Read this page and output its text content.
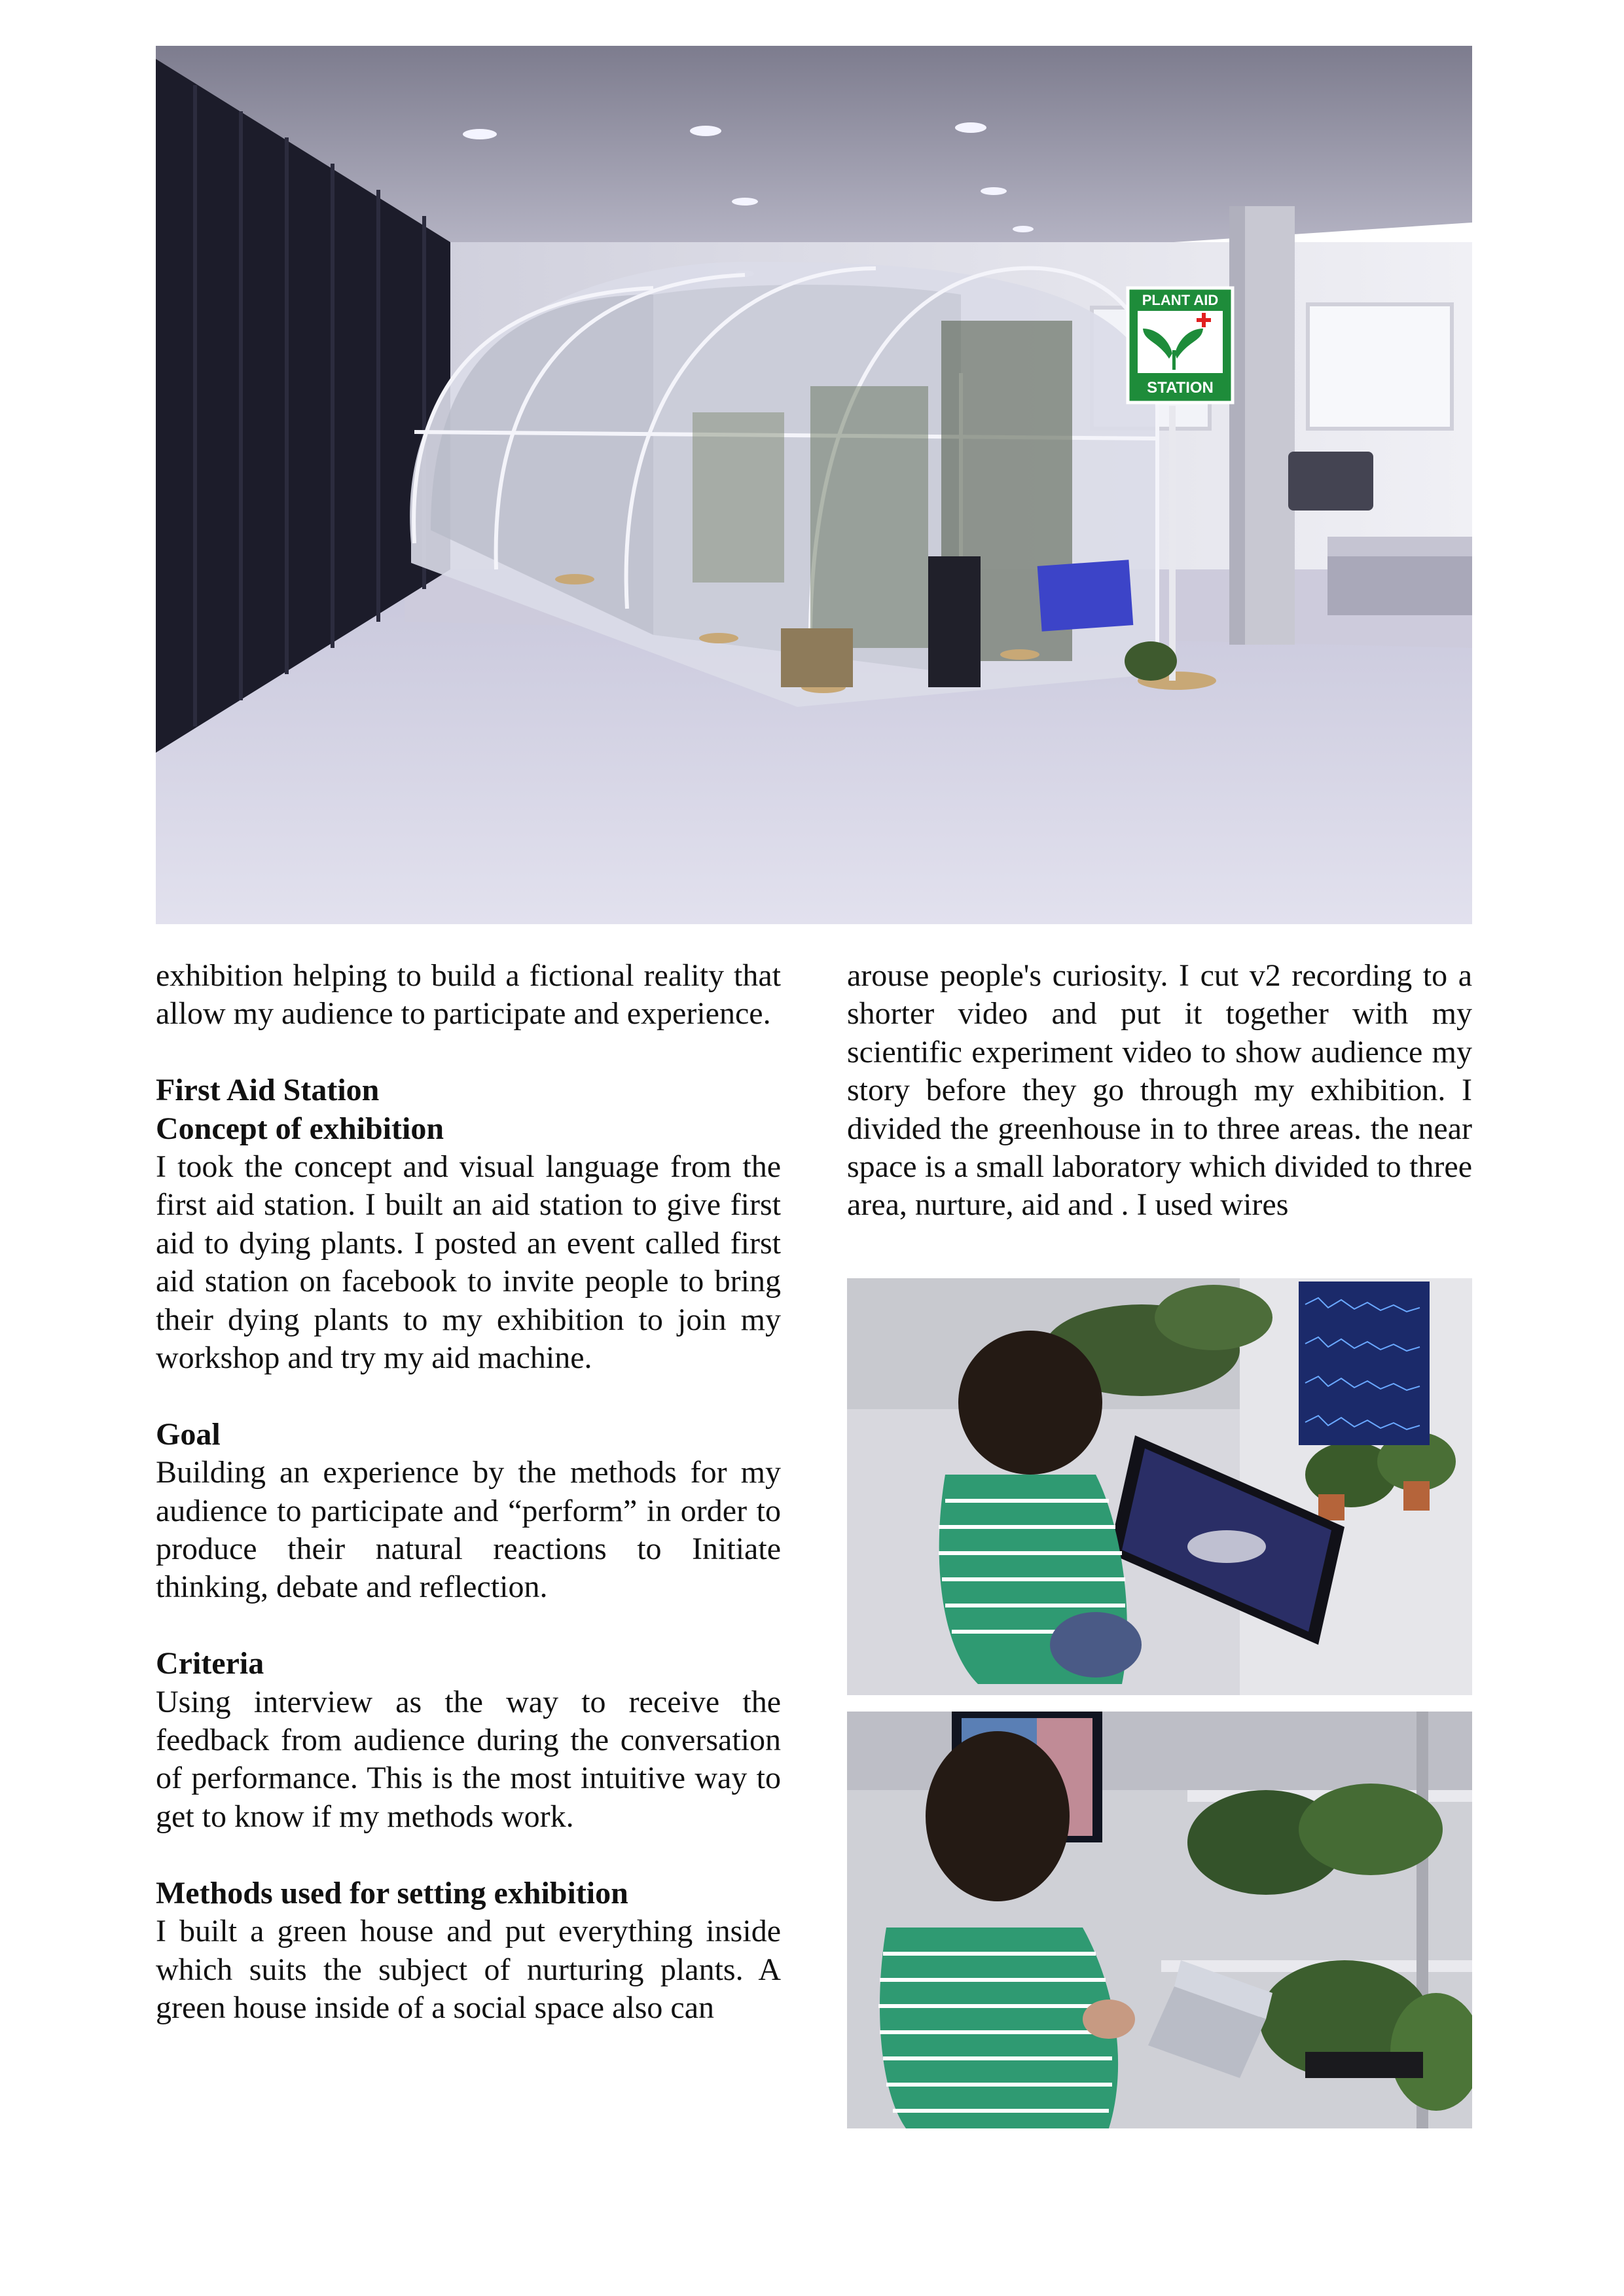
PLANT AID
STATION

exhibition helping to build a fictional reality that allow my audience to participate and experience.

First Aid Station
Concept of exhibition

I took the concept and visual language from the first aid station. I built an aid station to give first aid to dying plants. I posted an event called first aid station on facebook to invite people to bring their dying plants to my exhibition to join my workshop and try my aid machine.

Goal

Building an experience by the methods for my audience to participate and “perform” in order to produce their natural reactions to Initiate thinking, debate and reflection.

Criteria

Using interview as the way to receive the feedback from audience during the conversation of performance. This is the most intuitive way to get to know if my methods work.

Methods used for setting exhibition

I built a green house and put everything inside which suits the subject of nurturing plants. A green house inside of a social space also can

arouse people's curiosity. I cut v2 recording to a shorter video and put it together with my scientific experiment video to show audience my story before they go through my exhibition. I divided the greenhouse in to three areas. the near space is a small laboratory which divided to three area, nurture, aid and . I used wires
